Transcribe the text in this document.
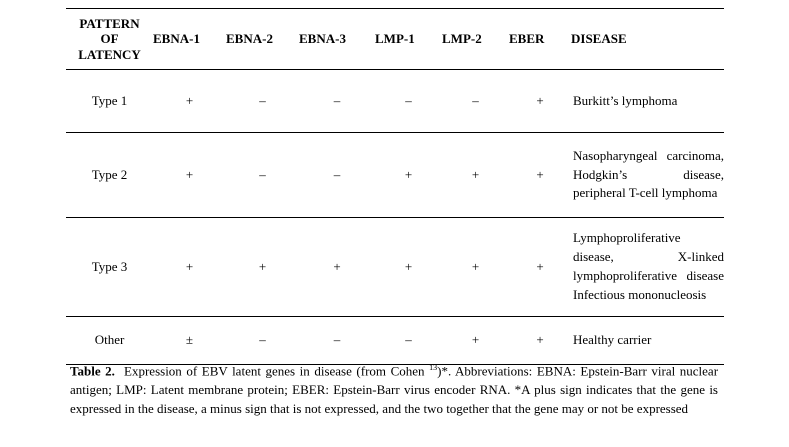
PATTERN
OF
LATENCY	EBNA-1	EBNA-2	EBNA-3	LMP-1	LMP-2	EBER	DISEASE
Type 1	+	–	–	–	–	+	Burkitt’s lymphoma
Type 2	+	–	–	+	+	+	Nasopharyngeal carcinoma, Hodgkin’s disease, peripheral T-cell lymphoma
Type 3	+	+	+	+	+	+	Lymphoproliferative disease, X-linked lymphoproliferative disease Infectious mononucleosis
Other	±	–	–	–	+	+	Healthy carrier
Table 2. Expression of EBV latent genes in disease (from Cohen $^{13}$)*. Abbreviations: EBNA: Epstein-Barr viral nuclear antigen; LMP: Latent membrane protein; EBER: Epstein-Barr virus encoder RNA. *A plus sign indicates that the gene is expressed in the disease, a minus sign that is not expressed, and the two together that the gene may or not be expressed
